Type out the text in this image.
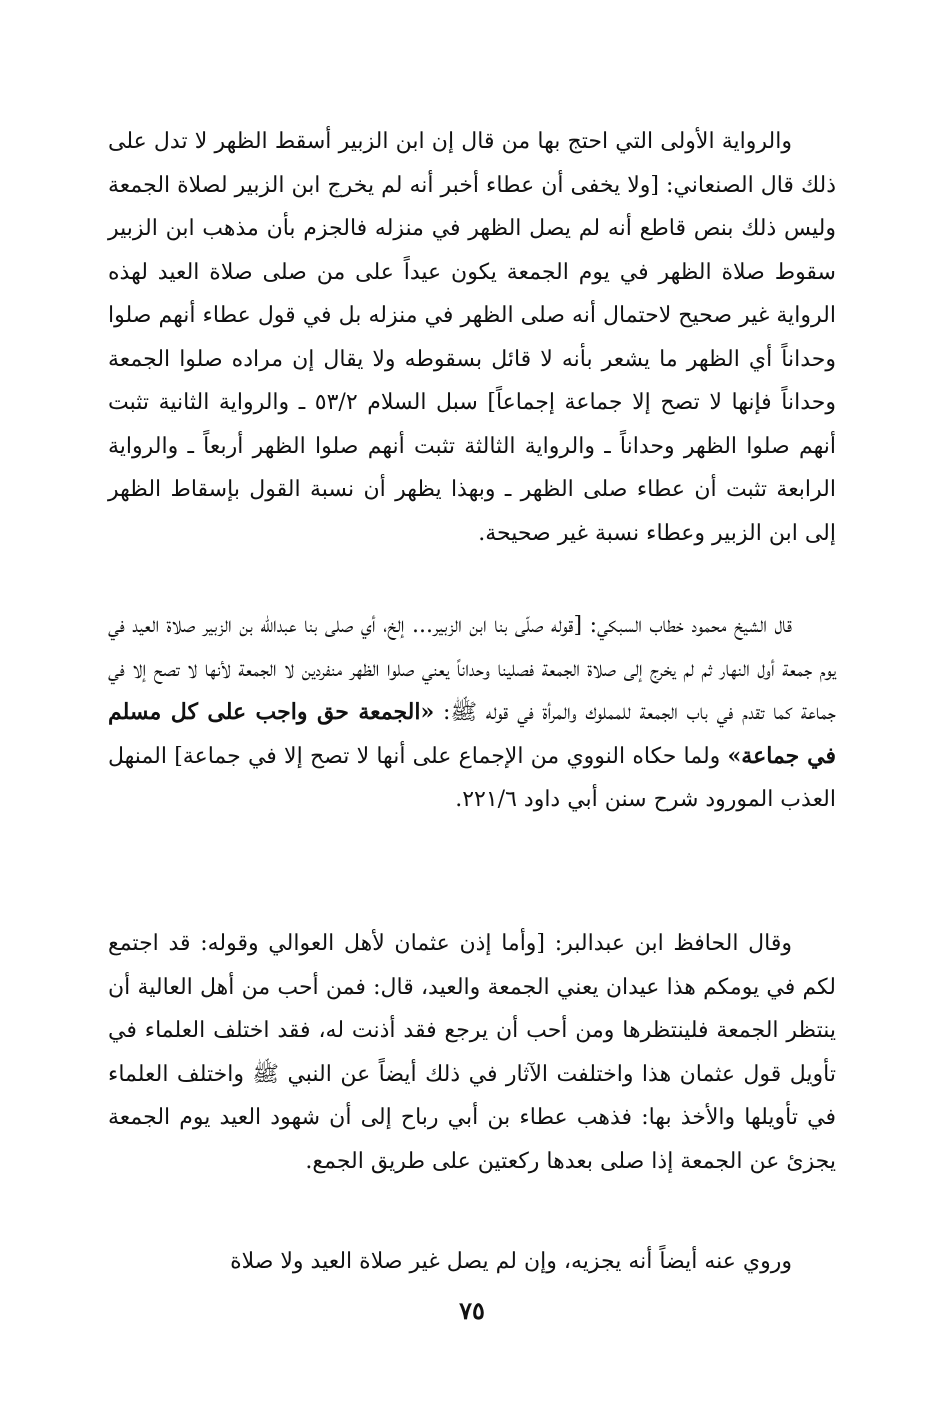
والرواية الأولى التي احتج بها من قال إن ابن الزبير أسقط الظهر لا تدل على ذلك قال الصنعاني: [ولا يخفى أن عطاء أخبر أنه لم يخرج ابن الزبير لصلاة الجمعة وليس ذلك بنص قاطع أنه لم يصل الظهر في منزله فالجزم بأن مذهب ابن الزبير سقوط صلاة الظهر في يوم الجمعة يكون عيداً على من صلى صلاة العيد لهذه الرواية غير صحيح لاحتمال أنه صلى الظهر في منزله بل في قول عطاء أنهم صلوا وحداناً أي الظهر ما يشعر بأنه لا قائل بسقوطه ولا يقال إن مراده صلوا الجمعة وحداناً فإنها لا تصح إلا جماعة إجماعاً] سبل السلام ٥٣/٢ ـ والرواية الثانية تثبت أنهم صلوا الظهر وحداناً ـ والرواية الثالثة تثبت أنهم صلوا الظهر أربعاً ـ والرواية الرابعة تثبت أن عطاء صلى الظهر ـ وبهذا يظهر أن نسبة القول بإسقاط الظهر إلى ابن الزبير وعطاء نسبة غير صحيحة.

قال الشيخ محمود خطاب السبكي: [قوله صلّى بنا ابن الزبير... إلخ، أي صلى بنا عبدالله بن الزبير صلاة العيد في يوم جمعة أول النهار ثم لم يخرج إلى صلاة الجمعة فصلينا وحداناً يعني صلوا الظهر منفردين لا الجمعة لأنها لا تصح إلا في جماعة كما تقدم في باب الجمعة للمملوك والمرأة في قوله ﷺ: «الجمعة حق واجب على كل مسلم في جماعة» ولما حكاه النووي من الإجماع على أنها لا تصح إلا في جماعة] المنهل العذب المورود شرح سنن أبي داود ٢٢١/٦.

وقال الحافظ ابن عبدالبر: [وأما إذن عثمان لأهل العوالي وقوله: قد اجتمع لكم في يومكم هذا عيدان يعني الجمعة والعيد، قال: فمن أحب من أهل العالية أن ينتظر الجمعة فلينتظرها ومن أحب أن يرجع فقد أذنت له، فقد اختلف العلماء في تأويل قول عثمان هذا واختلفت الآثار في ذلك أيضاً عن النبي ﷺ واختلف العلماء في تأويلها والأخذ بها: فذهب عطاء بن أبي رباح إلى أن شهود العيد يوم الجمعة يجزئ عن الجمعة إذا صلى بعدها ركعتين على طريق الجمع.

وروي عنه أيضاً أنه يجزيه، وإن لم يصل غير صلاة العيد ولا صلاة

٧٥
